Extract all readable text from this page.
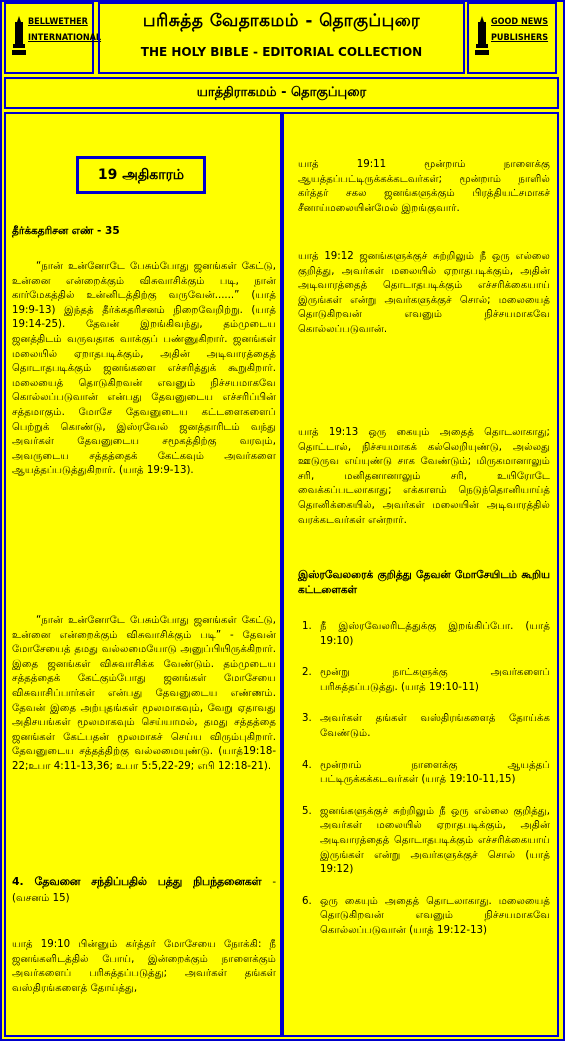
BELLWETHER INTERNATIONAL
பரிசுத்த வேதாகமம் - தொகுப்புரை
THE HOLY BIBLE - EDITORIAL COLLECTION
GOOD NEWS PUBLISHERS
யாத்திராகமம் - தொகுப்புரை
19 அதிகாரம்

தீர்க்கதரிசன எண் - 35

“நான் உன்னோடே பேசும்போது ஜனங்கள் கேட்டு, உன்னை என்றைக்கும் விசுவாசிக்கும் படி, நான் கார்மேகத்தில் உன்னிடத்திற்கு வருவேன்......” (யாத் 19:9-13) இந்தத் தீர்க்கதரிசனம் நிறைவேறிற்று. (யாத் 19:14-25). தேவன் இறங்கிவந்து, தம்முடைய ஜனத்திடம் வருவதாக வாக்குப் பண்ணுகிறார். ஜனங்கள் மலையில் ஏறாதபடிக்கும், அதின் அடிவாரத்தைத் தொடாதபடிக்கும் ஜனங்களை எச்சரித்துக் கூறுகிறார். மலையைத் தொடுகிறவன் எவனும் நிச்சயமாகவே கொல்லப்படுவான் என்பது தேவனுடைய எச்சரிப்பின் சத்தமாகும். மோசே தேவனுடைய கட்டளைகளைப் பெற்றுக் கொண்டு, இஸ்ரவேல் ஜனத்தாரிடம் வந்து அவர்கள் தேவனுடைய சமூகத்திற்கு வரவும், அவருடைய சத்தத்தைக் கேட்கவும் அவர்களை ஆயத்தப்படுத்துகிறார். (யாத் 19:9-13).

“நான் உன்னோடே பேசும்போது ஜனங்கள் கேட்டு, உன்னை என்றைக்கும் விசுவாசிக்கும் படி” - தேவன் மோசேயைத் தமது வல்லமையோடு அனுப்பியிருக்கிறார். இதை ஜனங்கள் விசுவாசிக்க வேண்டும். தம்முடைய சத்தத்தைக் கேட்கும்போது ஜனங்கள் மோசேயை விசுவாசிப்பார்கள் என்பது தேவனுடைய எண்ணம். தேவன் இதை அற்புதங்கள் மூலமாகவும், வேறு ஏதாவது அதிசயங்கள் மூலமாகவும் செய்யாமல், தமது சத்தத்தை ஜனங்கள் கேட்பதன் மூலமாகச் செய்ய விரும்புகிறார். தேவனுடைய சத்தத்திற்கு வல்லமையுண்டு. (யாத்19:18-22;உபா 4:11-13,36; உபா 5:5,22-29; எபி 12:18-21).

4. தேவனை சந்திப்பதில் பத்து நிபந்தனைகள் - (வசனம் 15)

யாத் 19:10 பின்னும் கர்த்தர் மோசேயை நோக்கி: நீ ஜனங்களிடத்தில் போய், இன்றைக்கும் நாளைக்கும் அவர்களைப் பரிசுத்தப்படுத்து; அவர்கள் தங்கள் வஸ்திரங்களைத் தோய்த்து,

யாத் 19:11 மூன்றாம் நாளைக்கு ஆயத்தப்பட்டிருக்கக்கடவர்கள்; மூன்றாம் நாளில் கர்த்தர் சகல ஜனங்களுக்கும் பிரத்தியட்சமாகச் சீனாய்மலையின்மேல் இறங்குவார்.

யாத் 19:12 ஜனங்களுக்குச் சுற்றிலும் நீ ஒரு எல்லை குறித்து, அவர்கள் மலையில் ஏறாதபடிக்கும், அதின் அடிவாரத்தைத் தொடாதபடிக்கும் எச்சரிக்கையாய் இருங்கள் என்று அவர்களுக்குச் சொல்; மலையைத் தொடுகிறவன் எவனும் நிச்சயமாகவே கொல்லப்படுவான்.

யாத் 19:13 ஒரு கையும் அதைத் தொடலாகாது; தொட்டால், நிச்சயமாகக் கல்லெறியுண்டு, அல்லது ஊடுருவ எய்யுண்டு சாக வேண்டும்; மிருகமானாலும் சரி, மனிதனானாலும் சரி, உயிரோடே வைக்கப்படலாகாது; எக்காளம் நெடுந்தொனியாய்த் தொனிக்கையில், அவர்கள் மலையின் அடிவாரத்தில் வரக்கடவர்கள் என்றார்.

இஸ்ரவேலரைக் குறித்து தேவன் மோசேயிடம் கூறிய கட்டளைகள்

1. நீ இஸ்ரவேலரிடத்துக்கு இறங்கிப்போ. (யாத் 19:10)
2. மூன்று நாட்களுக்கு அவர்களைப் பரிசுத்தப்படுத்து. (யாத் 19:10-11)
3. அவர்கள் தங்கள் வஸ்திரங்களைத் தோய்க்க வேண்டும்.
4. மூன்றாம் நாளைக்கு ஆயத்தப் பட்டிருக்கக்கடவர்கள் (யாத் 19:10-11,15)
5. ஜனங்களுக்குச் சுற்றிலும் நீ ஒரு எல்லை குறித்து, அவர்கள் மலையில் ஏறாதபடிக்கும், அதின் அடிவாரத்தைத் தொடாதபடிக்கும் எச்சரிக்கையாய் இருங்கள் என்று அவர்களுக்குச் சொல் (யாத் 19:12)
6. ஒரு கையும் அதைத் தொடலாகாது. மலையைத் தொடுகிறவன் எவனும் நிச்சயமாகவே கொல்லப்படுவான் (யாத் 19:12-13)
